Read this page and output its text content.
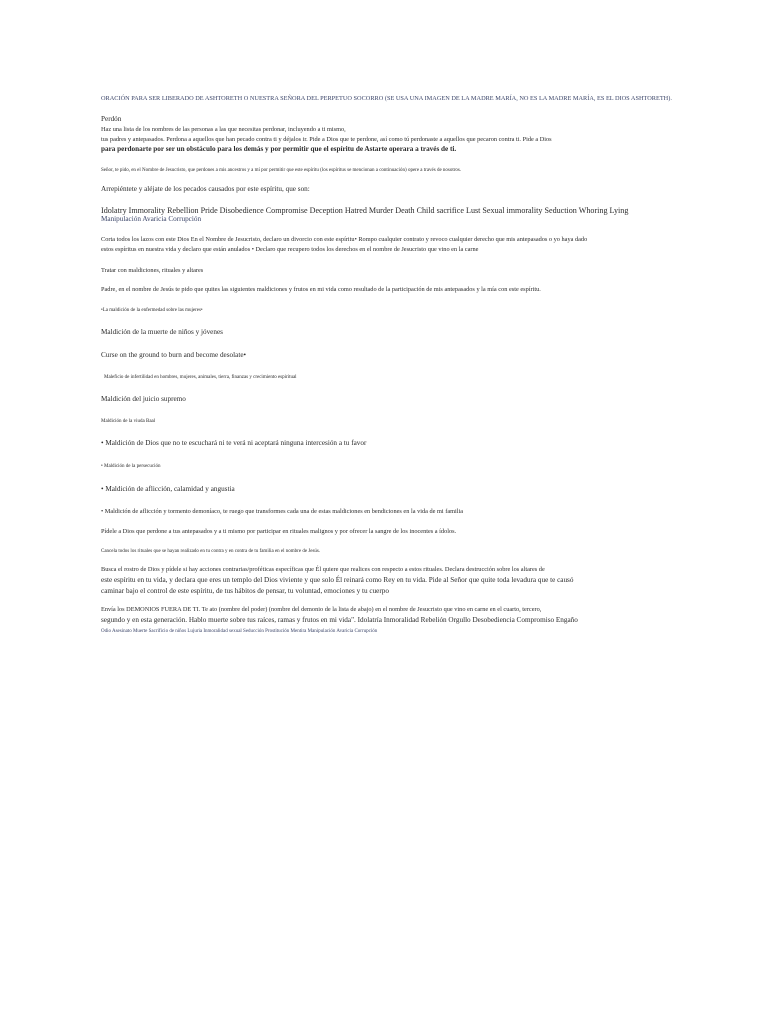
ORACIÓN PARA SER LIBERADO DE ASHTORETH O NUESTRA SEÑORA DEL PERPETUO SOCORRO (SE USA UNA IMAGEN DE LA MADRE MARÍA, NO ES LA MADRE MARÍA, ES EL DIOS ASHTORETH).

Perdón

Haz una lista de los nombres de las personas a las que necesitas perdonar, incluyendo a ti mismo,

tus padres y antepasados. Perdona a aquellos que han pecado contra ti y déjalos ir. Pide a Dios que te perdone, así como tú perdonaste a aquellos que pecaron contra ti. Pide a Dios

para perdonarte por ser un obstáculo para los demás y por permitir que el espíritu de Astarte operara a través de ti.

Señor, te pido, en el Nombre de Jesucristo, que perdones a mis ancestros y a mí por permitir que este espíritu (los espíritus se mencionan a continuación) opere a través de nosotros.

Arrepiéntete y aléjate de los pecados causados por este espíritu, que son:

Idolatry Immorality Rebellion Pride Disobedience Compromise Deception Hatred Murder Death Child sacrifice Lust Sexual immorality Seduction Whoring Lying

Manipulación Avaricia Corrupción

Corta todos los lazos con este Dios En el Nombre de Jesucristo, declaro un divorcio con este espíritu• Rompo cualquier contrato y revoco cualquier derecho que mis antepasados o yo haya dado

estos espíritus en nuestra vida y declaro que están anulados • Declaro que recupero todos los derechos en el nombre de Jesucristo que vino en la carne

Tratar con maldiciones, rituales y altares

Padre, en el nombre de Jesús te pido que quites las siguientes maldiciones y frutos en mi vida como resultado de la participación de mis antepasados y la mía con este espíritu.

•La maldición de la enfermedad sobre las mujeres•

Maldición de la muerte de niños y jóvenes

Curse on the ground to burn and become desolate•

Maleficio de infertilidad en hombres, mujeres, animales, tierra, finanzas y crecimiento espiritual

Maldición del juicio supremo

Maldición de la viuda Baal

• Maldición de Dios que no te escuchará ni te verá ni aceptará ninguna intercesión a tu favor

• Maldición de la persecución

• Maldición de aflicción, calamidad y angustia

• Maldición de aflicción y tormento demoníaco, te ruego que transformes cada una de estas maldiciones en bendiciones en la vida de mi familia

Pídele a Dios que perdone a tus antepasados y a ti mismo por participar en rituales malignos y por ofrecer la sangre de los inocentes a ídolos.

Cancela todos los rituales que se hayan realizado en tu contra y en contra de tu familia en el nombre de Jesús.

Busca el rostro de Dios y pídele si hay acciones contrarias/proféticas específicas que Él quiere que realices con respecto a estos rituales. Declara destrucción sobre los altares de

este espíritu en tu vida, y declara que eres un templo del Dios viviente y que solo Él reinará como Rey en tu vida. Pide al Señor que quite toda levadura que te causó

caminar bajo el control de este espíritu, de tus hábitos de pensar, tu voluntad, emociones y tu cuerpo

Envía los DEMONIOS FUERA DE TI. Te ato (nombre del poder) (nombre del demonio de la lista de abajo) en el nombre de Jesucristo que vino en carne en el cuarto, tercero,

segundo y en esta generación. Hablo muerte sobre tus raíces, ramas y frutos en mi vida". Idolatría Inmoralidad Rebelión Orgullo Desobediencia Compromiso Engaño

Odio Asesinato Muerte Sacrificio de niños Lujuria Inmoralidad sexual Seducción Prostitución Mentira Manipulación Avaricia Corrupción
